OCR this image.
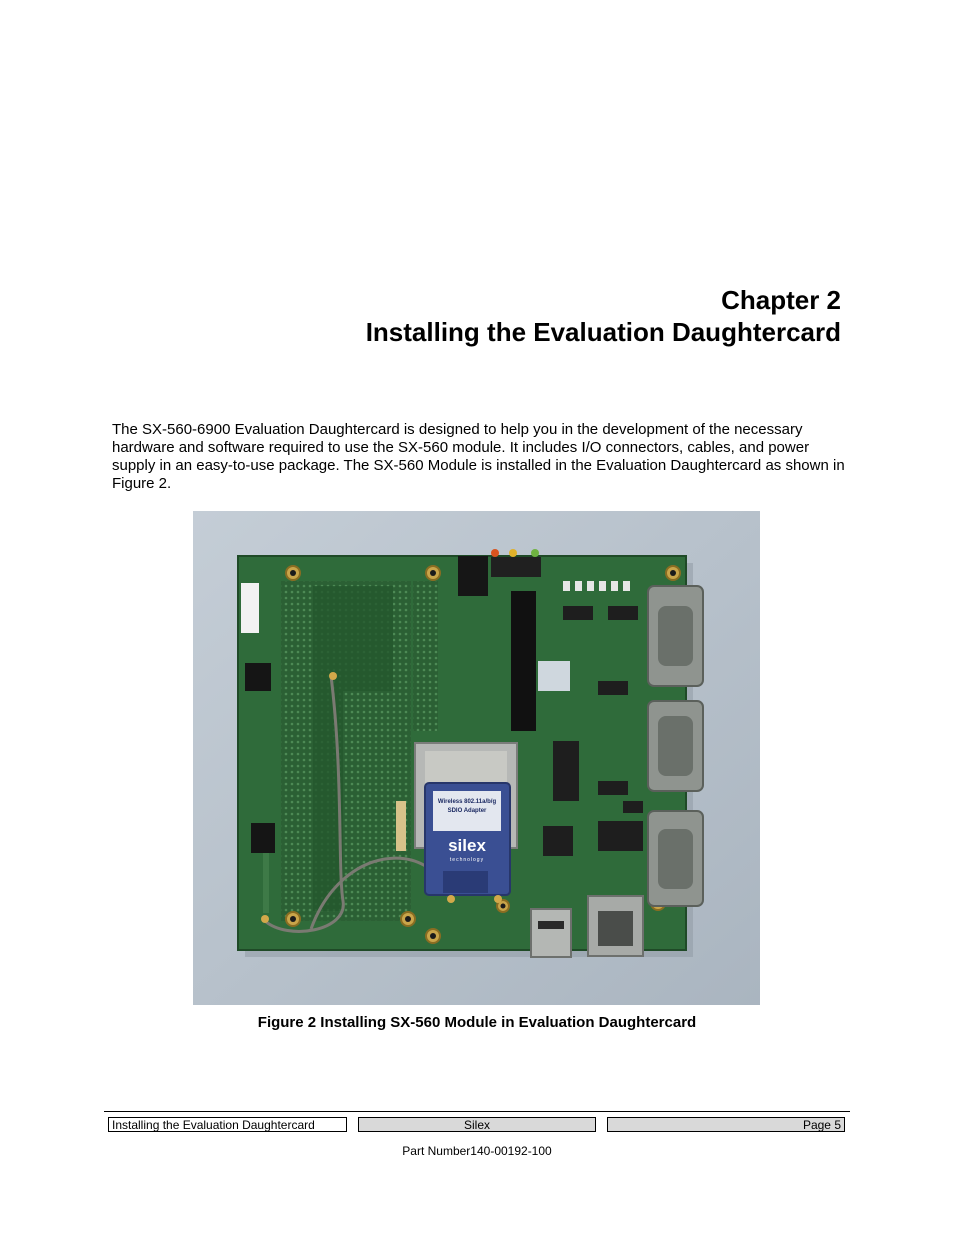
Chapter 2
Installing the Evaluation Daughtercard

The SX-560-6900 Evaluation Daughtercard is designed to help you in the development of the necessary hardware and software required to use the SX-560 module. It includes I/O connectors, cables, and power supply in an easy-to-use package. The SX-560 Module is installed in the Evaluation Daughtercard as shown in Figure 2.

Wireless 802.11a/b/g
SDIO Adapter
silex
technology
Figure 2 Installing SX-560 Module in Evaluation Daughtercard
Installing the Evaluation Daughtercard	Silex	Page 5
Part Number140-00192-100
